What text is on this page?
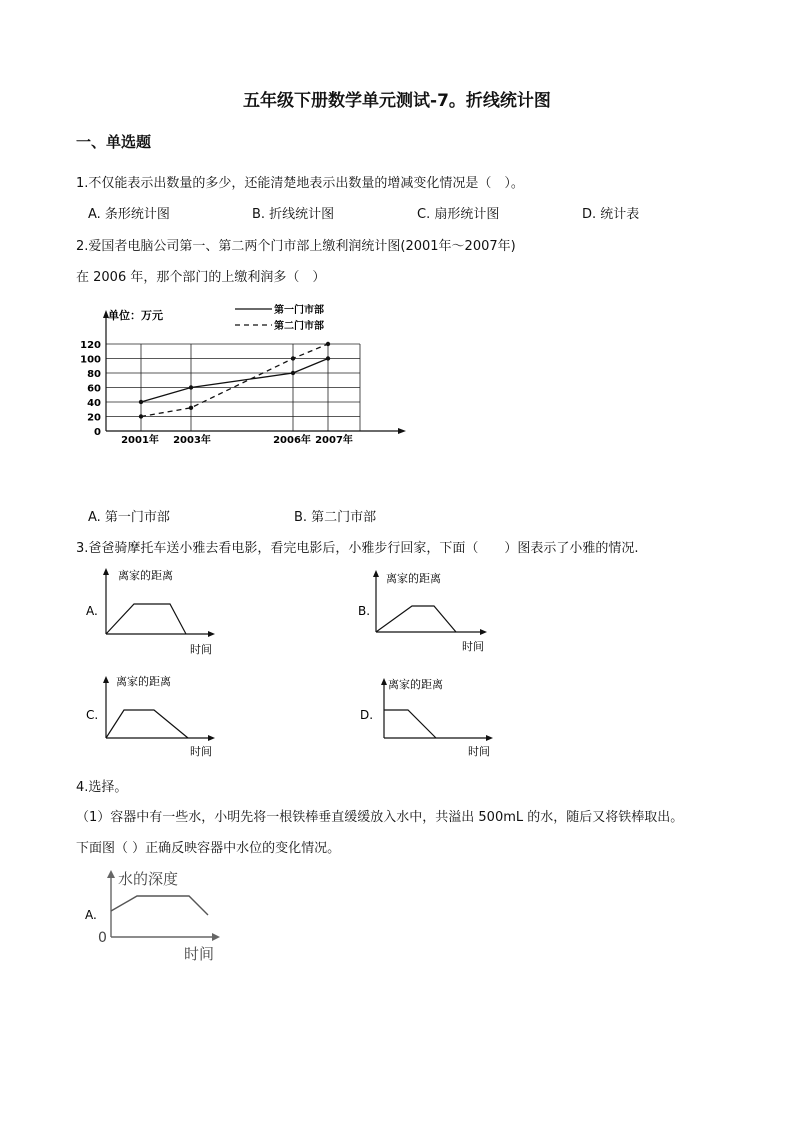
五年级下册数学单元测试-7。折线统计图
一、单选题
1.不仅能表示出数量的多少，还能清楚地表示出数量的增减变化情况是（　）。
A. 条形统计图	B. 折线统计图	C. 扇形统计图	D. 统计表
2.爱国者电脑公司第一、第二两个门市部上缴利润统计图(2001年～2007年)
在 2006 年，那个部门的上缴利润多（　）
单位：万元	第一门市部
第二门市部
0
20
40
60
80
100
120
2001年 2003年	2006年 2007年
A. 第一门市部	B. 第二门市部
3.爸爸骑摩托车送小雅去看电影，看完电影后，小雅步行回家，下面（　　）图表示了小雅的情况.
离家的距离
时间
A.
离家的距离
时间
B.
离家的距离
时间
C.
离家的距离
时间
D.
4.选择。
（1）容器中有一些水，小明先将一根铁棒垂直缓缓放入水中，共溢出 500mL 的水，随后又将铁棒取出。
下面图（ ）正确反映容器中水位的变化情况。
水的深度
时间
0
A.
